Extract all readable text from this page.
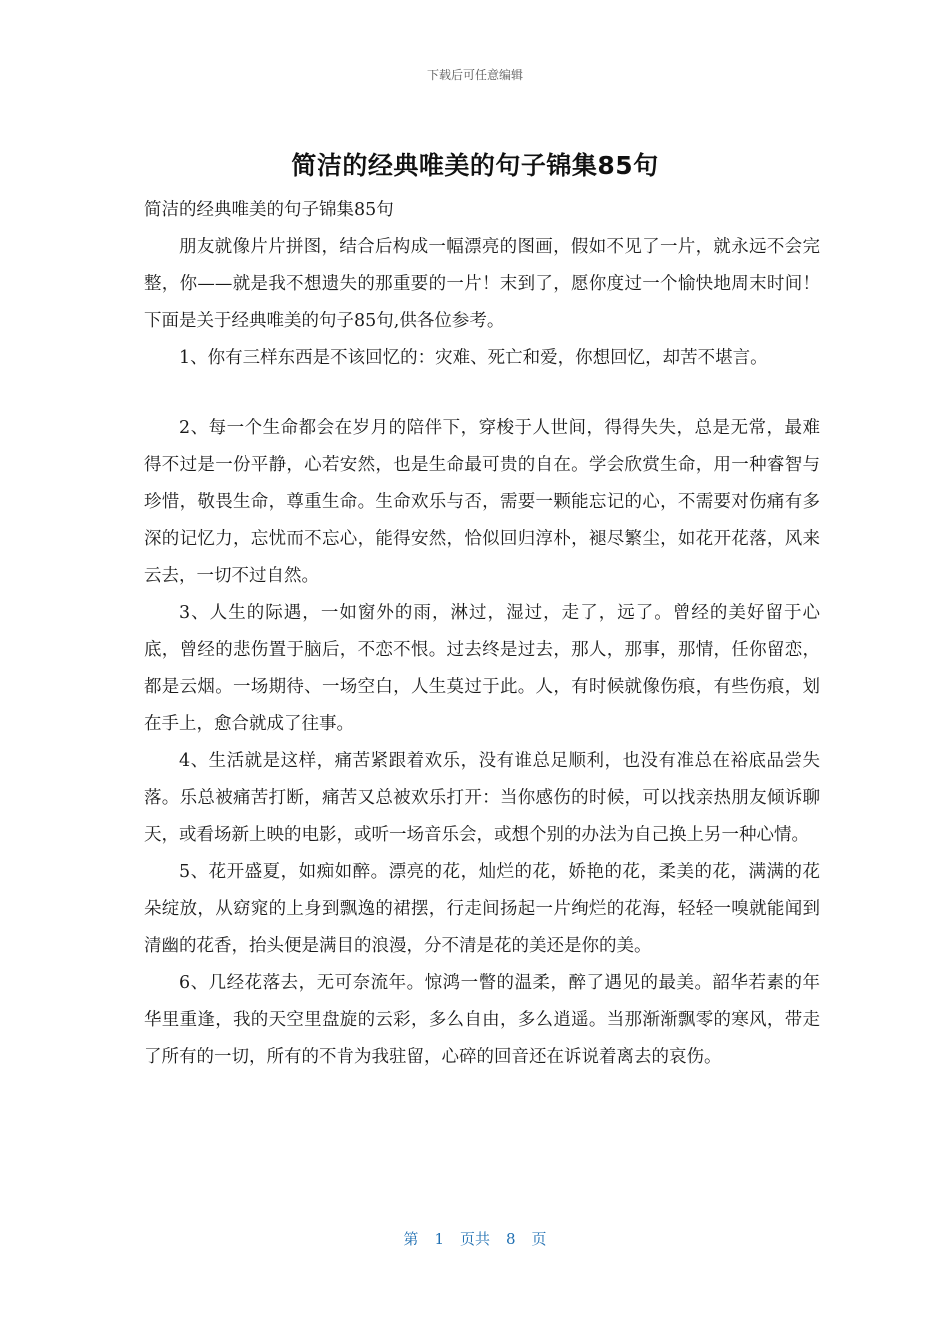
下载后可任意编辑
简洁的经典唯美的句子锦集85句

简洁的经典唯美的句子锦集85句

朋友就像片片拼图，结合后构成一幅漂亮的图画，假如不见了一片，就永远不会完整，你——就是我不想遗失的那重要的一片！末到了，愿你度过一个愉快地周末时间！下面是关于经典唯美的句子85句,供各位参考。

1、你有三样东西是不该回忆的：灾难、死亡和爱，你想回忆，却苦不堪言。

2、每一个生命都会在岁月的陪伴下，穿梭于人世间，得得失失，总是无常，最难得不过是一份平静，心若安然，也是生命最可贵的自在。学会欣赏生命，用一种睿智与珍惜，敬畏生命，尊重生命。生命欢乐与否，需要一颗能忘记的心，不需要对伤痛有多深的记忆力，忘忧而不忘心，能得安然，恰似回归淳朴，褪尽繁尘，如花开花落，风来云去，一切不过自然。

3、人生的际遇，一如窗外的雨，淋过，湿过，走了，远了。曾经的美好留于心底，曾经的悲伤置于脑后，不恋不恨。过去终是过去，那人，那事，那情，任你留恋，都是云烟。一场期待、一场空白，人生莫过于此。人，有时候就像伤痕，有些伤痕，划在手上，愈合就成了往事。

4、生活就是这样，痛苦紧跟着欢乐，没有谁总足顺利，也没有准总在裕底品尝失落。乐总被痛苦打断，痛苦又总被欢乐打开：当你感伤的时候，可以找亲热朋友倾诉聊天，或看场新上映的电影，或听一场音乐会，或想个别的办法为自己换上另一种心情。

5、花开盛夏，如痴如醉。漂亮的花，灿烂的花，娇艳的花，柔美的花，满满的花朵绽放，从窈窕的上身到飘逸的裙摆，行走间扬起一片绚烂的花海，轻轻一嗅就能闻到清幽的花香，抬头便是满目的浪漫，分不清是花的美还是你的美。

6、几经花落去，无可奈流年。惊鸿一瞥的温柔，醉了遇见的最美。韶华若素的年华里重逢，我的天空里盘旋的云彩，多么自由，多么逍遥。当那渐渐飘零的寒风，带走了所有的一切，所有的不肯为我驻留，心碎的回音还在诉说着离去的哀伤。

第 1 页共 8 页
